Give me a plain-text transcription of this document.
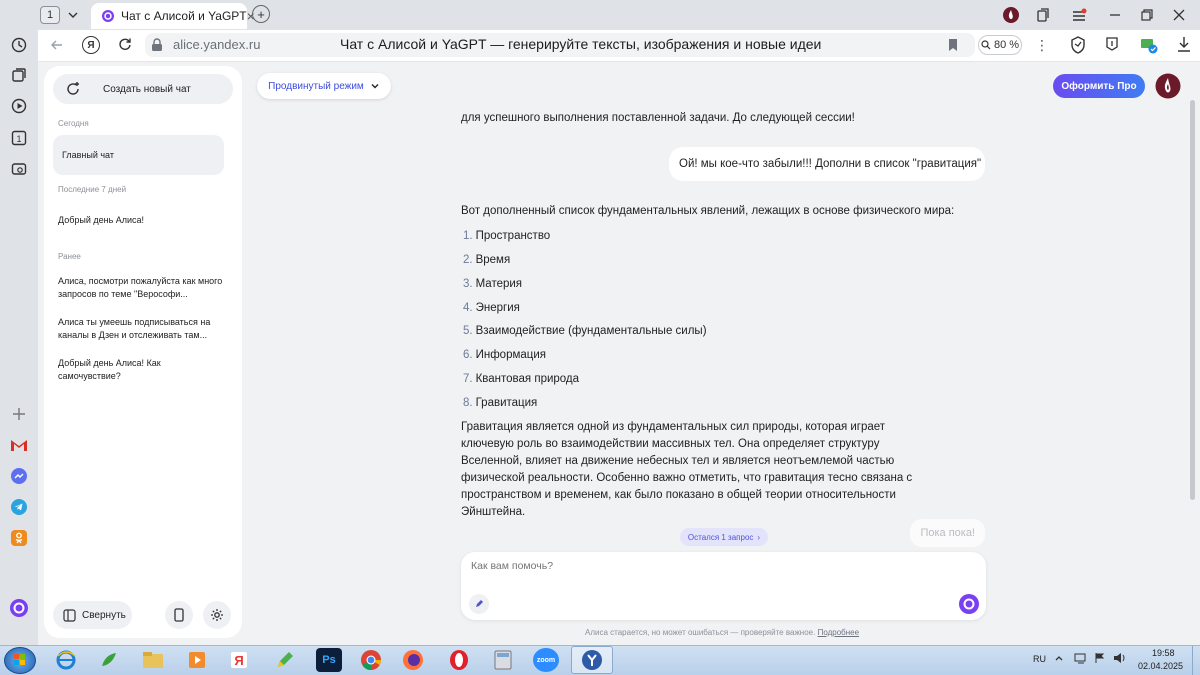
1
1	Чат с Алисой и YaGPT × +
Я	alice.yandex.ru	Чат с Алисой и YaGPT — генерируйте тексты, изображения и новые идеи	80 % ⋮
Создать новый чат
Сегодня
Главный чат
Последние 7 дней
Добрый день Алиса!
Ранее
Алиса, посмотри пожалуйста как много запросов по теме "Верософи...
Алиса ты умеешь подписываться на каналы в Дзен и отслеживать там...
Добрый день Алиса! Как самочувствие?
Свернуть
Продвинутый режим	Оформить Про
для успешного выполнения поставленной задачи. До следующей сессии!
Ой! мы кое-что забыли!!! Дополни в список "гравитация"
Вот дополненный список фундаментальных явлений, лежащих в основе физического мира:
1. Пространство
2. Время
3. Материя
4. Энергия
5. Взаимодействие (фундаментальные силы)
6. Информация
7. Квантовая природа
8. Гравитация
Гравитация является одной из фундаментальных сил природы, которая играет ключевую роль во взаимодействии массивных тел. Она определяет структуру Вселенной, влияет на движение небесных тел и является неотъемлемой частью физической реальности. Особенно важно отметить, что гравитация тесно связана с пространством и временем, как было показано в общей теории относительности Эйнштейна.
Пока пока!
Остался 1 запрос ›
Как вам помочь?
Алиса старается, но может ошибаться — проверяйте важное. Подробнее
Я	Ps	zoom	RU
19:58
02.04.2025
